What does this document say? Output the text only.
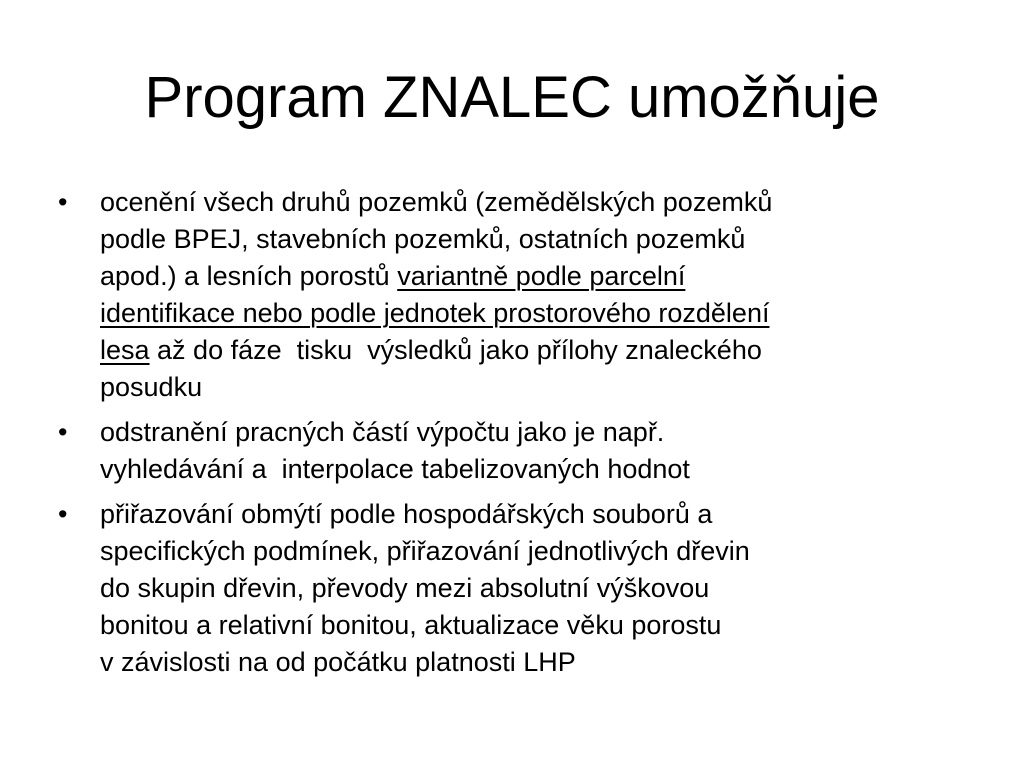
Program ZNALEC umožňuje
•	ocenění všech druhů pozemků (zemědělských pozemků
podle BPEJ, stavebních pozemků, ostatních pozemků
apod.) a lesních porostů variantně podle parcelní
identifikace nebo podle jednotek prostorového rozdělení
lesa až do fáze  tisku  výsledků jako přílohy znaleckého
posudku
•	odstranění pracných částí výpočtu jako je např.
vyhledávání a  interpolace tabelizovaných hodnot
•	přiřazování obmýtí podle hospodářských souborů a
specifických podmínek, přiřazování jednotlivých dřevin
do skupin dřevin, převody mezi absolutní výškovou
bonitou a relativní bonitou, aktualizace věku porostu
v závislosti na od počátku platnosti LHP
